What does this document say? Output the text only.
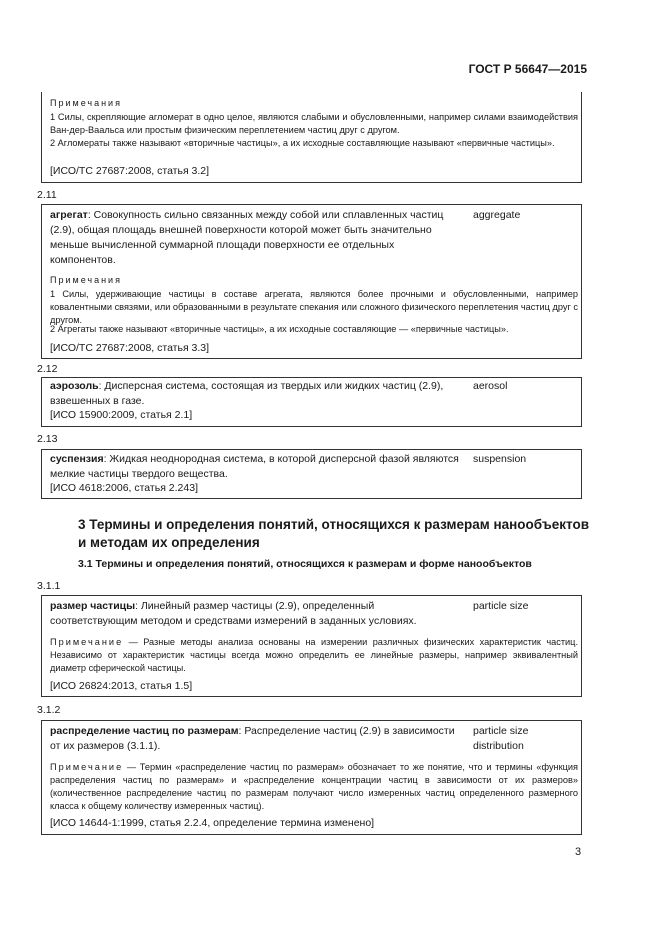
ГОСТ Р 56647—2015
Примечания
1 Силы, скрепляющие агломерат в одно целое, являются слабыми и обусловленными, например силами взаимодействия Ван-дер-Ваальса или простым физическим переплетением частиц друг с другом.
2 Агломераты также называют «вторичные частицы», а их исходные составляющие называют «первичные частицы».
[ИСО/ТС 27687:2008, статья 3.2]
2.11
агрегат: Совокупность сильно связанных между собой или сплавленных частиц (2.9), общая площадь внешней поверхности которой может быть значительно меньше вычисленной суммарной площади поверхности ее отдельных компонентов.
aggregate
Примечания
1 Силы, удерживающие частицы в составе агрегата, являются более прочными и обусловленными, например ковалентными связями, или образованными в результате спекания или сложного физического переплетения частиц друг с другом.
2 Агрегаты также называют «вторичные частицы», а их исходные составляющие — «первичные частицы».
[ИСО/ТС 27687:2008, статья 3.3]
2.12
аэрозоль: Дисперсная система, состоящая из твердых или жидких частиц (2.9), взвешенных в газе.
aerosol
[ИСО 15900:2009, статья 2.1]
2.13
суспензия: Жидкая неоднородная система, в которой дисперсной фазой являются мелкие частицы твердого вещества.
suspension
[ИСО 4618:2006, статья 2.243]
3 Термины и определения понятий, относящихся к размерам нанообъектов и методам их определения
3.1 Термины и определения понятий, относящихся к размерам и форме нанообъектов
3.1.1
размер частицы: Линейный размер частицы (2.9), определенный соответствующим методом и средствами измерений в заданных условиях.
particle size
Примечание — Разные методы анализа основаны на измерении различных физических характеристик частиц. Независимо от характеристик частицы всегда можно определить ее линейные размеры, например эквивалентный диаметр сферической частицы.
[ИСО 26824:2013, статья 1.5]
3.1.2
распределение частиц по размерам: Распределение частиц (2.9) в зависимости от их размеров (3.1.1).
particle size
distribution
Примечание — Термин «распределение частиц по размерам» обозначает то же понятие, что и термины «функция распределения частиц по размерам» и «распределение концентрации частиц в зависимости от их размеров» (количественное распределение частиц по размерам получают число измеренных частиц определенного размерного класса к общему количеству измеренных частиц).
[ИСО 14644-1:1999, статья 2.2.4, определение термина изменено]
3
